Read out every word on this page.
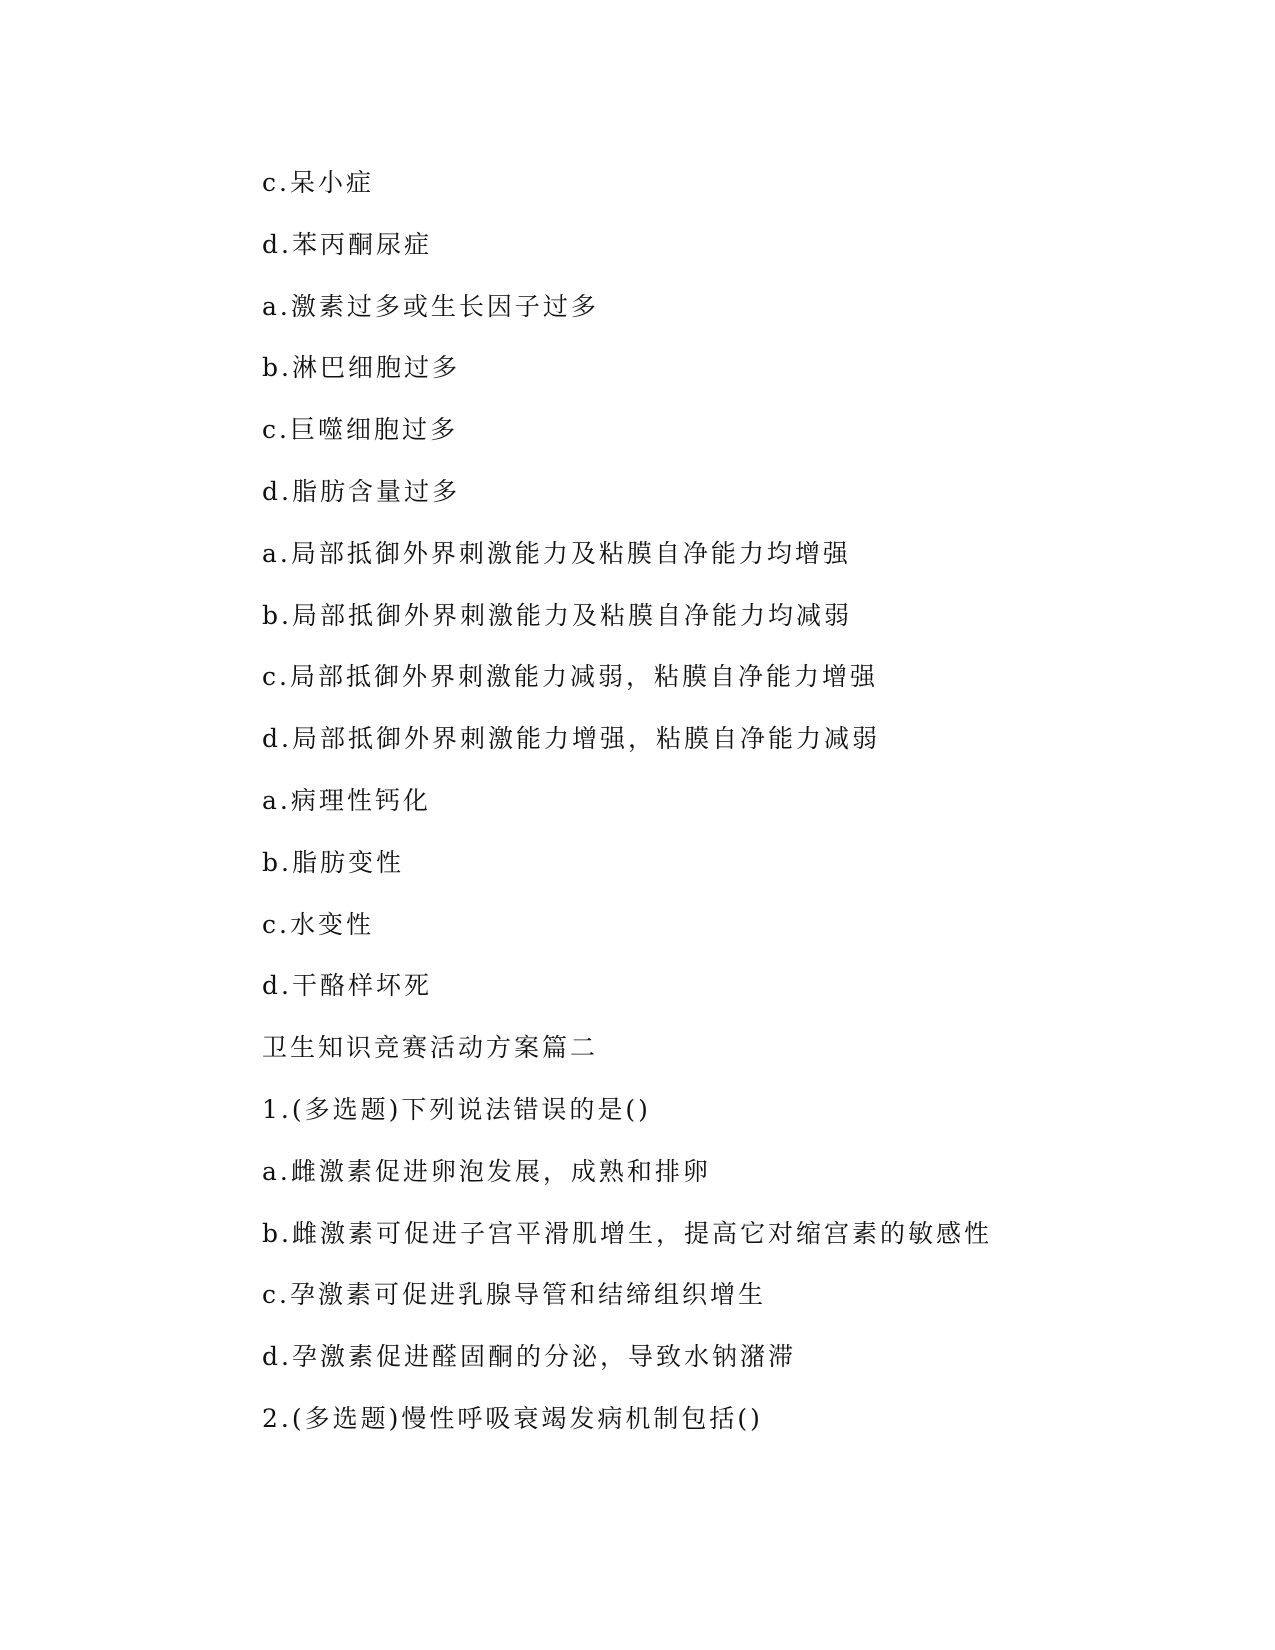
c.呆小症
d.苯丙酮尿症
a.激素过多或生长因子过多
b.淋巴细胞过多
c.巨噬细胞过多
d.脂肪含量过多
a.局部抵御外界刺激能力及粘膜自净能力均增强
b.局部抵御外界刺激能力及粘膜自净能力均减弱
c.局部抵御外界刺激能力减弱，粘膜自净能力增强
d.局部抵御外界刺激能力增强，粘膜自净能力减弱
a.病理性钙化
b.脂肪变性
c.水变性
d.干酪样坏死
卫生知识竞赛活动方案篇二
1.(多选题)下列说法错误的是()
a.雌激素促进卵泡发展，成熟和排卵
b.雌激素可促进子宫平滑肌增生，提高它对缩宫素的敏感性
c.孕激素可促进乳腺导管和结缔组织增生
d.孕激素促进醛固酮的分泌，导致水钠潴滞
2.(多选题)慢性呼吸衰竭发病机制包括()
